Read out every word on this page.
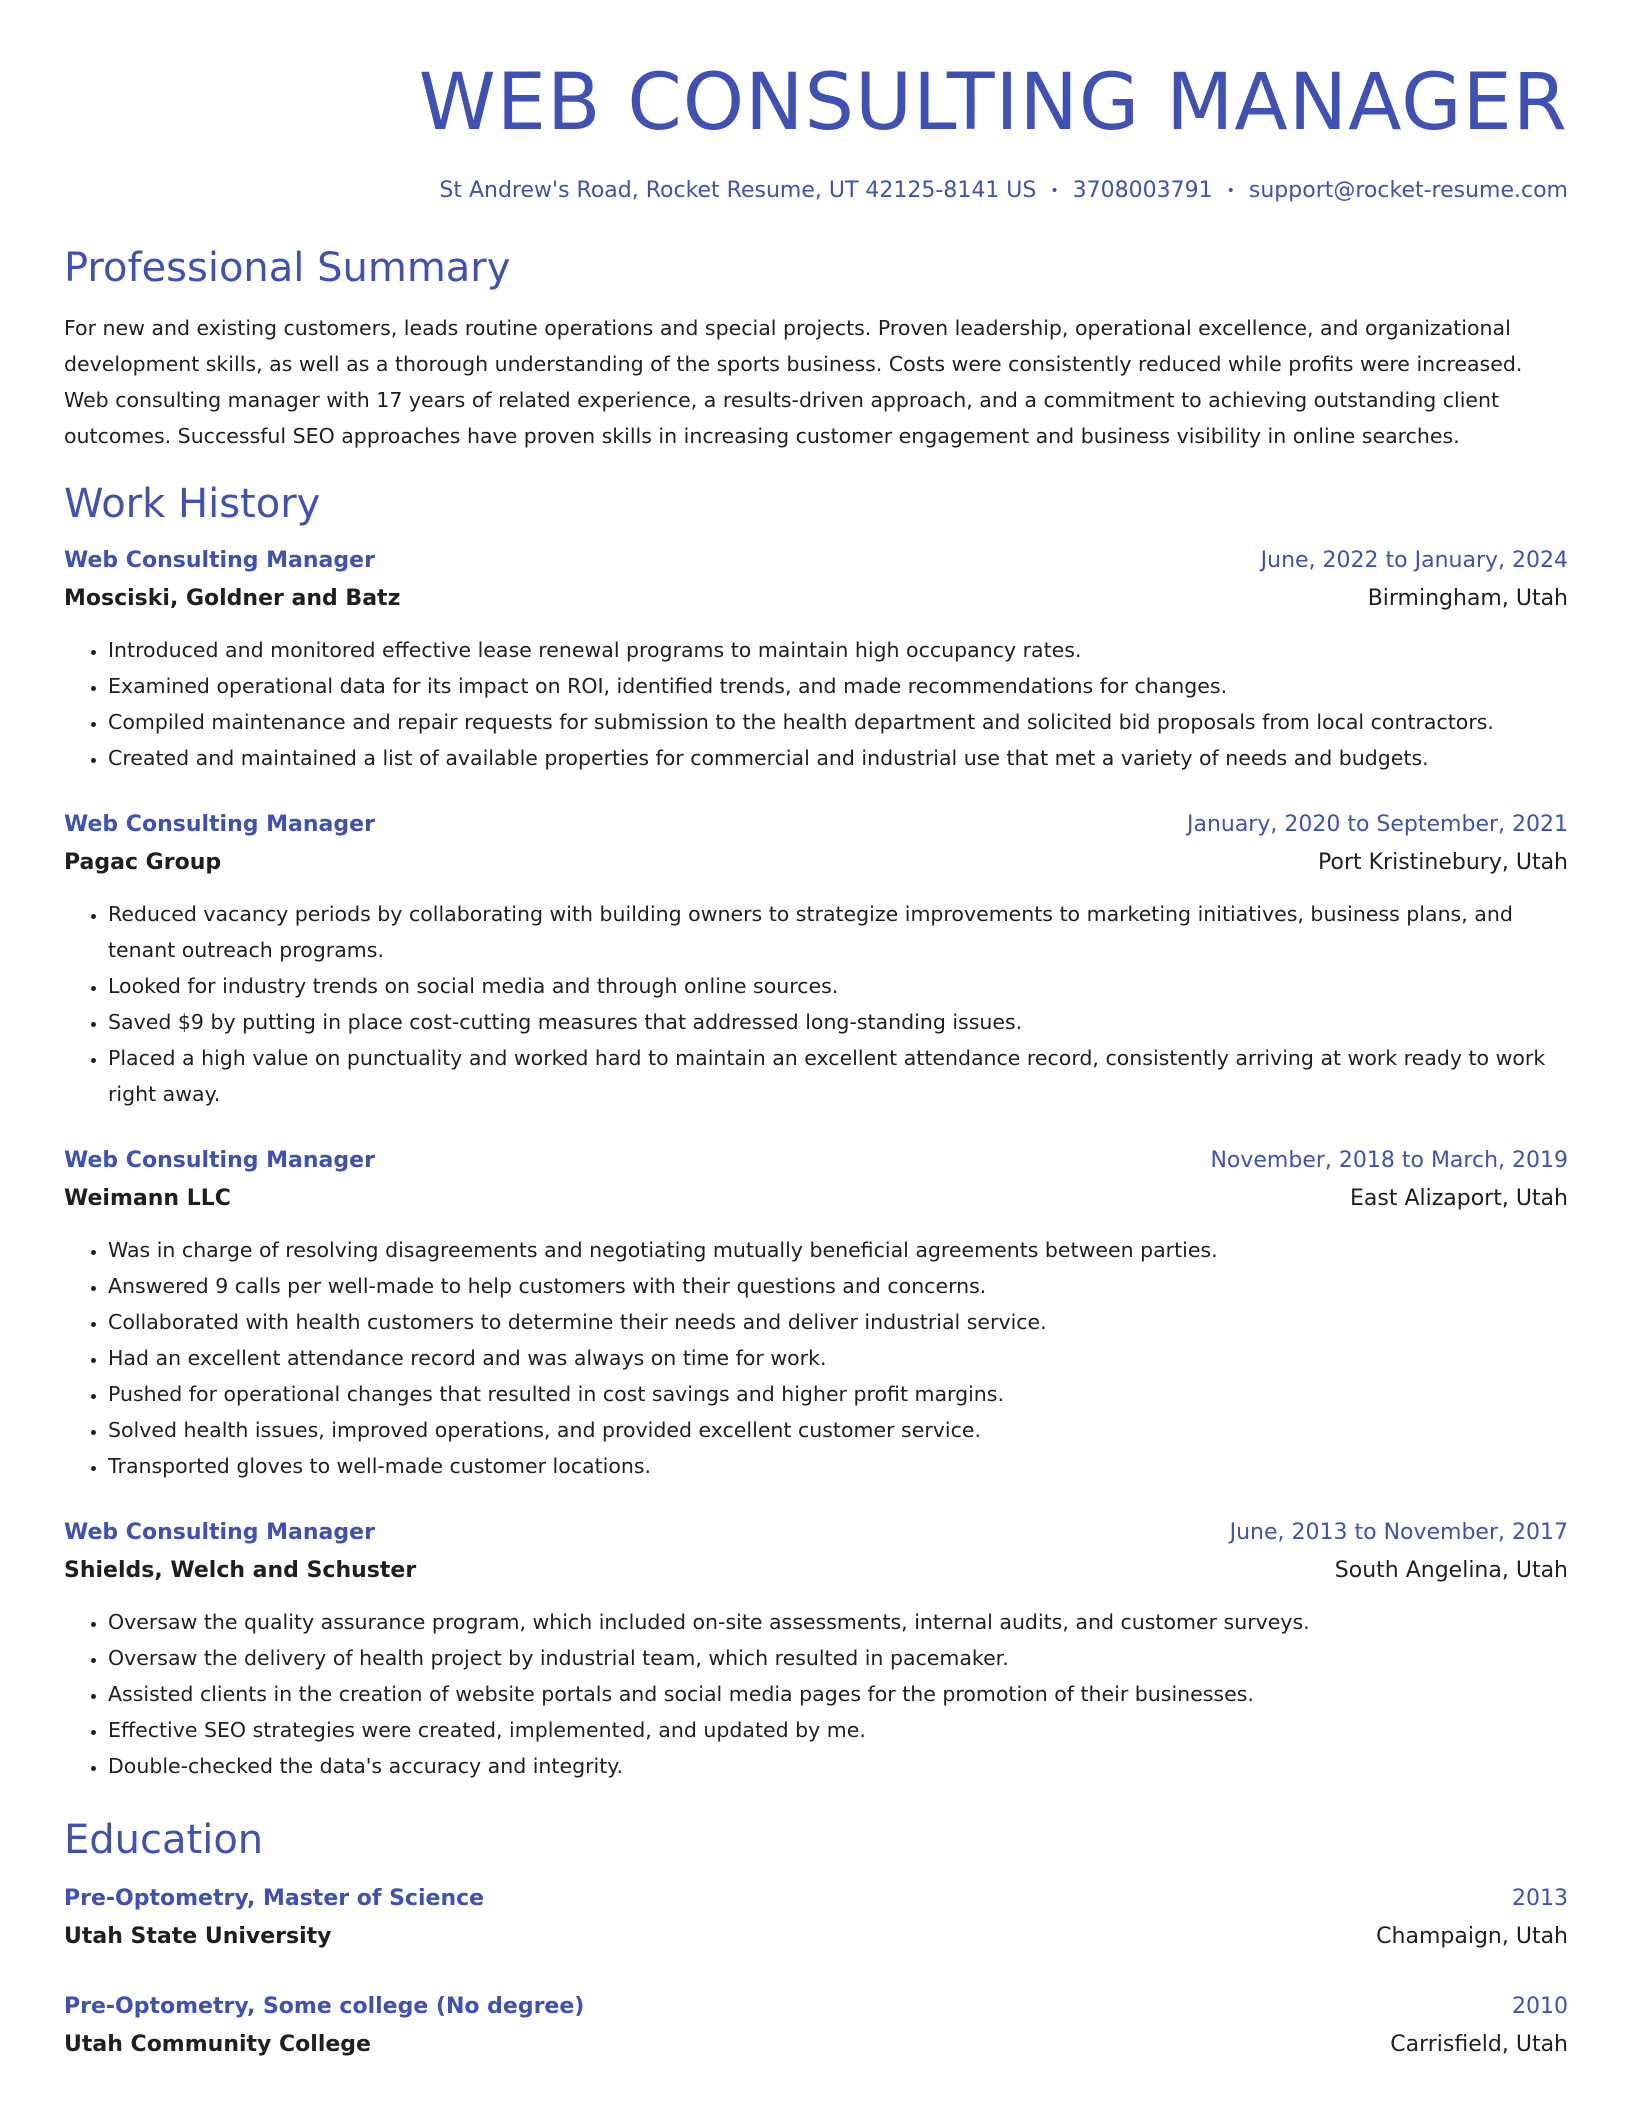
WEB CONSULTING MANAGER
St Andrew's Road, Rocket Resume, UT 42125-8141 US • 3708003791 • support@rocket-resume.com
Professional Summary

For new and existing customers, leads routine operations and special projects. Proven leadership, operational excellence, and organizational development skills, as well as a thorough understanding of the sports business. Costs were consistently reduced while profits were increased. Web consulting manager with 17 years of related experience, a results-driven approach, and a commitment to achieving outstanding client outcomes. Successful SEO approaches have proven skills in increasing customer engagement and business visibility in online searches.

Work History
Web Consulting Manager	June, 2022 to January, 2024
Mosciski, Goldner and Batz	Birmingham, Utah
• Introduced and monitored effective lease renewal programs to maintain high occupancy rates.
• Examined operational data for its impact on ROI, identified trends, and made recommendations for changes.
• Compiled maintenance and repair requests for submission to the health department and solicited bid proposals from local contractors.
• Created and maintained a list of available properties for commercial and industrial use that met a variety of needs and budgets.
Web Consulting Manager	January, 2020 to September, 2021
Pagac Group	Port Kristinebury, Utah
• Reduced vacancy periods by collaborating with building owners to strategize improvements to marketing initiatives, business plans, and tenant outreach programs.
• Looked for industry trends on social media and through online sources.
• Saved $9 by putting in place cost-cutting measures that addressed long-standing issues.
• Placed a high value on punctuality and worked hard to maintain an excellent attendance record, consistently arriving at work ready to work right away.
Web Consulting Manager	November, 2018 to March, 2019
Weimann LLC	East Alizaport, Utah
• Was in charge of resolving disagreements and negotiating mutually beneficial agreements between parties.
• Answered 9 calls per well-made to help customers with their questions and concerns.
• Collaborated with health customers to determine their needs and deliver industrial service.
• Had an excellent attendance record and was always on time for work.
• Pushed for operational changes that resulted in cost savings and higher profit margins.
• Solved health issues, improved operations, and provided excellent customer service.
• Transported gloves to well-made customer locations.
Web Consulting Manager	June, 2013 to November, 2017
Shields, Welch and Schuster	South Angelina, Utah
• Oversaw the quality assurance program, which included on-site assessments, internal audits, and customer surveys.
• Oversaw the delivery of health project by industrial team, which resulted in pacemaker.
• Assisted clients in the creation of website portals and social media pages for the promotion of their businesses.
• Effective SEO strategies were created, implemented, and updated by me.
• Double-checked the data's accuracy and integrity.
Education
Pre-Optometry, Master of Science	2013
Utah State University	Champaign, Utah
Pre-Optometry, Some college (No degree)	2010
Utah Community College	Carrisfield, Utah
